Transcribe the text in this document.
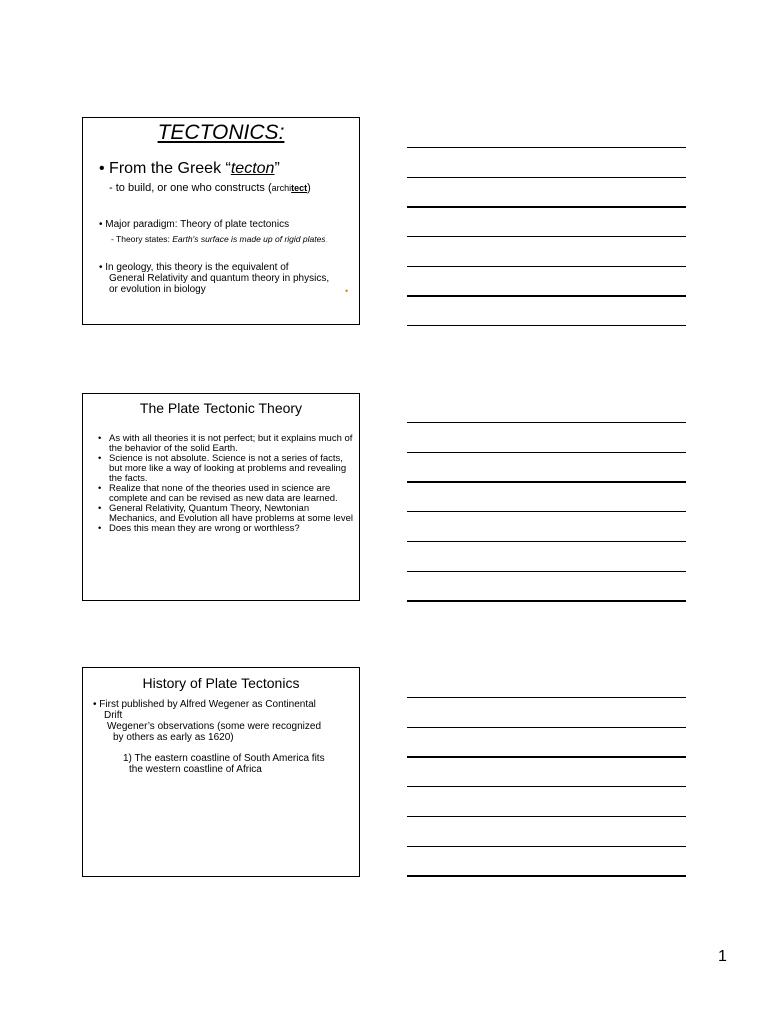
TECTONICS:
• From the Greek “tecton”
- to build, or one who constructs (architect)
• Major paradigm: Theory of plate tectonics
- Theory states: Earth's surface is made up of rigid plates.
• In geology, this theory is the equivalent of
General Relativity and quantum theory in physics,
or evolution in biology	•
The Plate Tectonic Theory
• As with all theories it is not perfect; but it explains much of the behavior of the solid Earth.
• Science is not absolute. Science is not a series of facts, but more like a way of looking at problems and revealing the facts.
• Realize that none of the theories used in science are complete and can be revised as new data are learned.
• General Relativity, Quantum Theory, Newtonian Mechanics, and Evolution all have problems at some level
• Does this mean they are wrong or worthless?
History of Plate Tectonics
• First published by Alfred Wegener as Continental
Drift
Wegener’s observations (some were recognized
by others as early as 1620)
1) The eastern coastline of South America fits
the western coastline of Africa
1
